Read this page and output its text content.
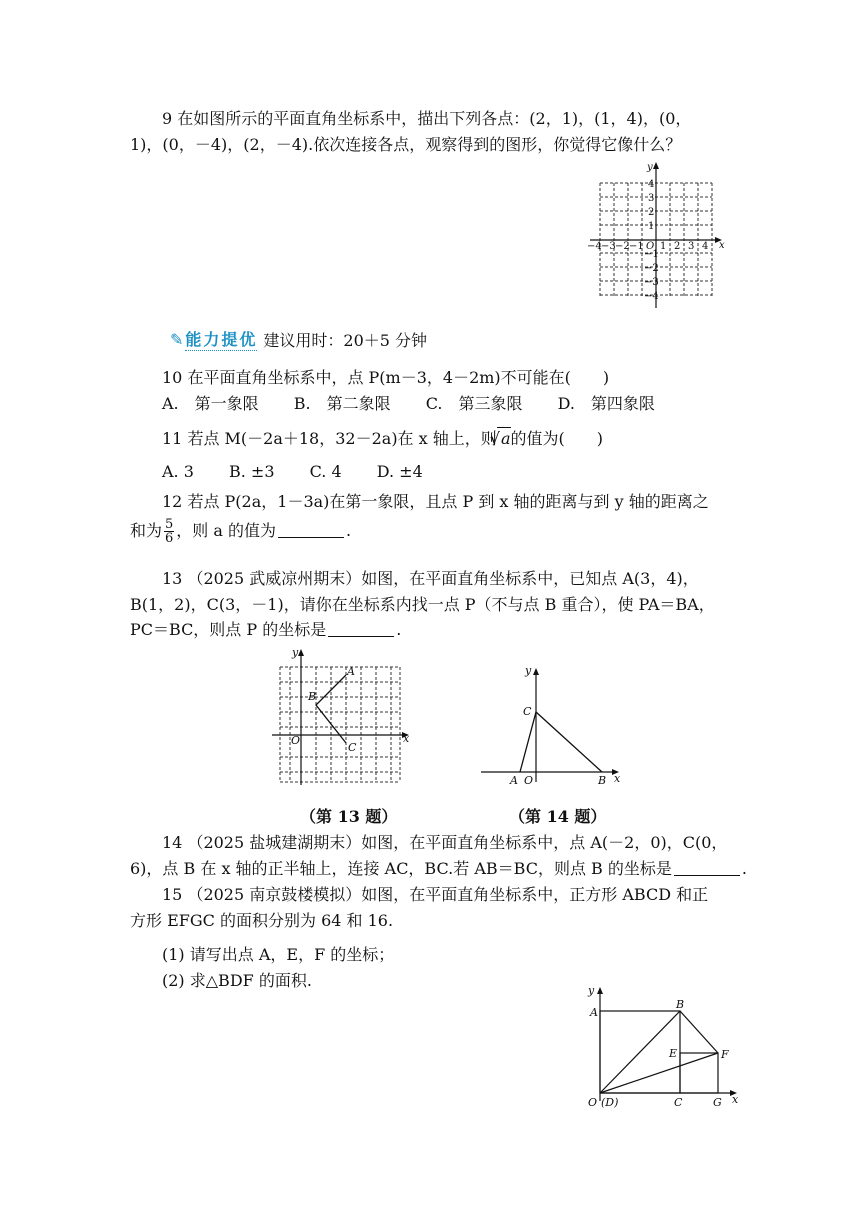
9 在如图所示的平面直角坐标系中，描出下列各点：(2，1)，(1，4)，(0，
1)，(0，－4)，(2，－4).依次连接各点，观察得到的图形，你觉得它像什么？
−4 −3 −2 −1 1 2 3 4
O	x
y
4
3
2
1
−1
−2
−3
−4
✎ 能力提优 建议用时：20＋5 分钟
10 在平面直角坐标系中，点 P(m－3，4－2m)不可能在(　　)
A.　第一象限 B.　第二象限 C.　第三象限 D.　第四象限
11 若点 M(－2a＋18，32－2a)在 x 轴上，则√ a的值为(　　)
A. 3 B. ±3 C. 4 D. ±4
12 若点 P(2a，1－3a)在第一象限，且点 P 到 x 轴的距离与到 y 轴的距离之
和为 $\frac{5}{6}$ ，则 a 的值为	.
13 （2025 武威凉州期末）如图，在平面直角坐标系中，已知点 A(3，4)，
B(1，2)，C(3，－1)，请你在坐标系内找一点 P（不与点 B 重合），使 PA＝BA，
PC＝BC，则点 P 的坐标是	.
A
B
C
O	x
y
（第 13 题）
A
C
B
O	x
y
（第 14 题）
14 （2025 盐城建湖期末）如图，在平面直角坐标系中，点 A(－2，0)，C(0，
6)，点 B 在 x 轴的正半轴上，连接 AC，BC.若 AB＝BC，则点 B 的坐标是	.
15 （2025 南京鼓楼模拟）如图，在平面直角坐标系中，正方形 ABCD 和正
方形 EFGC 的面积分别为 64 和 16.
(1) 请写出点 A，E，F 的坐标；
(2) 求△BDF 的面积.
y
A
B
E	F
O (D)	C	G x
